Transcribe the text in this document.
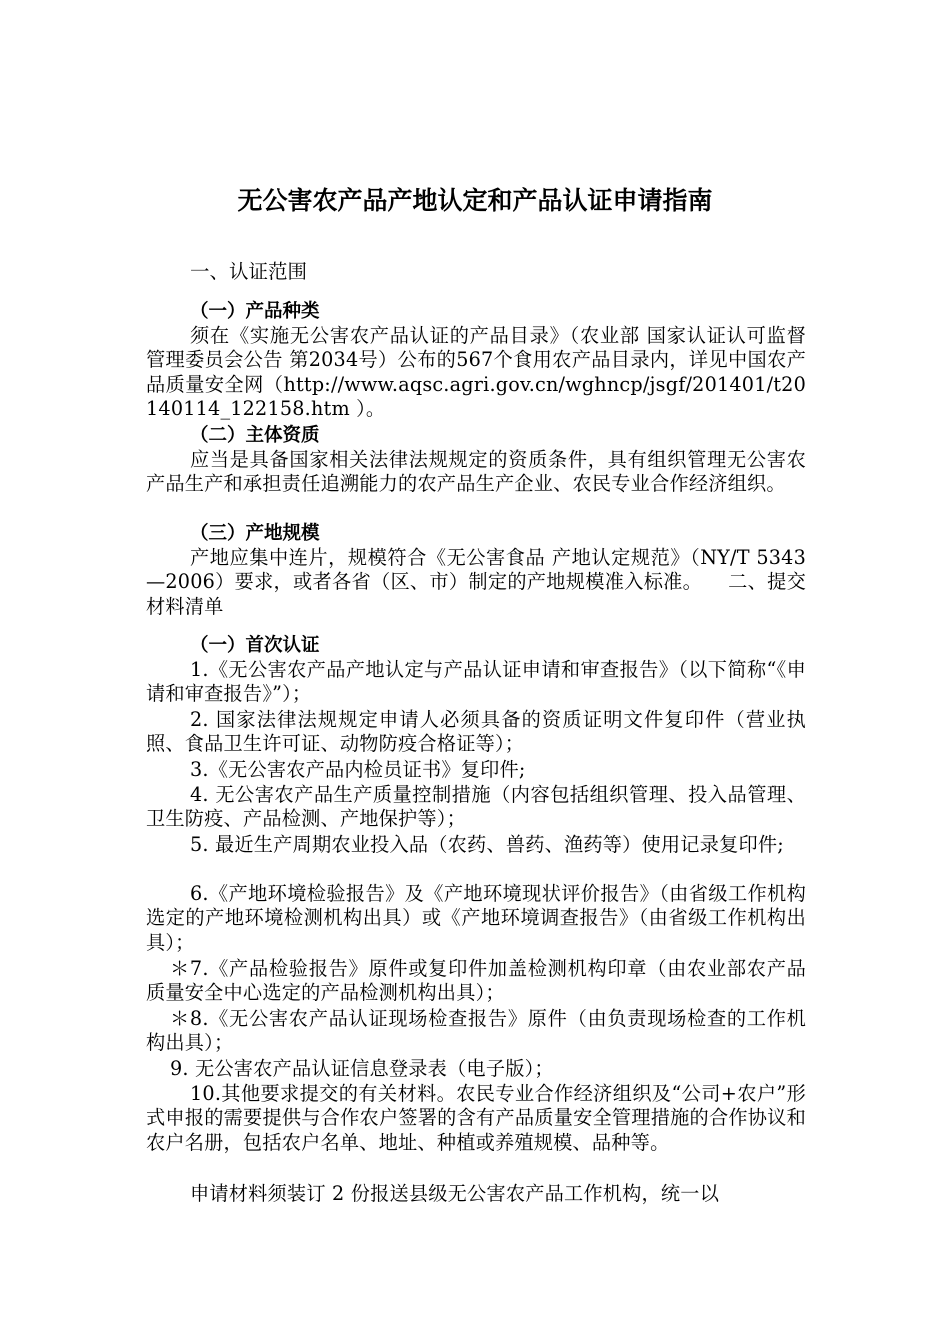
无公害农产品产地认定和产品认证申请指南
一、认证范围
（一）产品种类
须在《实施无公害农产品认证的产品目录》（农业部 国家认证认可监督管理委员会公告 第2034号）公布的567个食用农产品目录内，详见中国农产品质量安全网（http://www.aqsc.agri.gov.cn/wghncp/jsgf/201401/t20140114_122158.htm ）。
（二）主体资质
应当是具备国家相关法律法规规定的资质条件，具有组织管理无公害农产品生产和承担责任追溯能力的农产品生产企业、农民专业合作经济组织。
（三）产地规模
产地应集中连片，规模符合《无公害食品 产地认定规范》（NY/T 5343—2006）要求，或者各省（区、市）制定的产地规模准入标准。 二、提交材料清单
（一）首次认证
1.《无公害农产品产地认定与产品认证申请和审查报告》（以下简称“《申请和审查报告》”）；
2. 国家法律法规规定申请人必须具备的资质证明文件复印件（营业执照、食品卫生许可证、动物防疫合格证等）；
3.《无公害农产品内检员证书》复印件;
4. 无公害农产品生产质量控制措施（内容包括组织管理、投入品管理、卫生防疫、产品检测、产地保护等）；
5. 最近生产周期农业投入品（农药、兽药、渔药等）使用记录复印件;
6.《产地环境检验报告》及《产地环境现状评价报告》（由省级工作机构选定的产地环境检测机构出具）或《产地环境调查报告》（由省级工作机构出具）；
＊7.《产品检验报告》原件或复印件加盖检测机构印章（由农业部农产品质量安全中心选定的产品检测机构出具）；
＊8.《无公害农产品认证现场检查报告》原件（由负责现场检查的工作机构出具）；
9. 无公害农产品认证信息登录表（电子版）；
10.其他要求提交的有关材料。农民专业合作经济组织及“公司+农户”形式申报的需要提供与合作农户签署的含有产品质量安全管理措施的合作协议和农户名册，包括农户名单、地址、种植或养殖规模、品种等。
申请材料须装订 2 份报送县级无公害农产品工作机构，统一以
